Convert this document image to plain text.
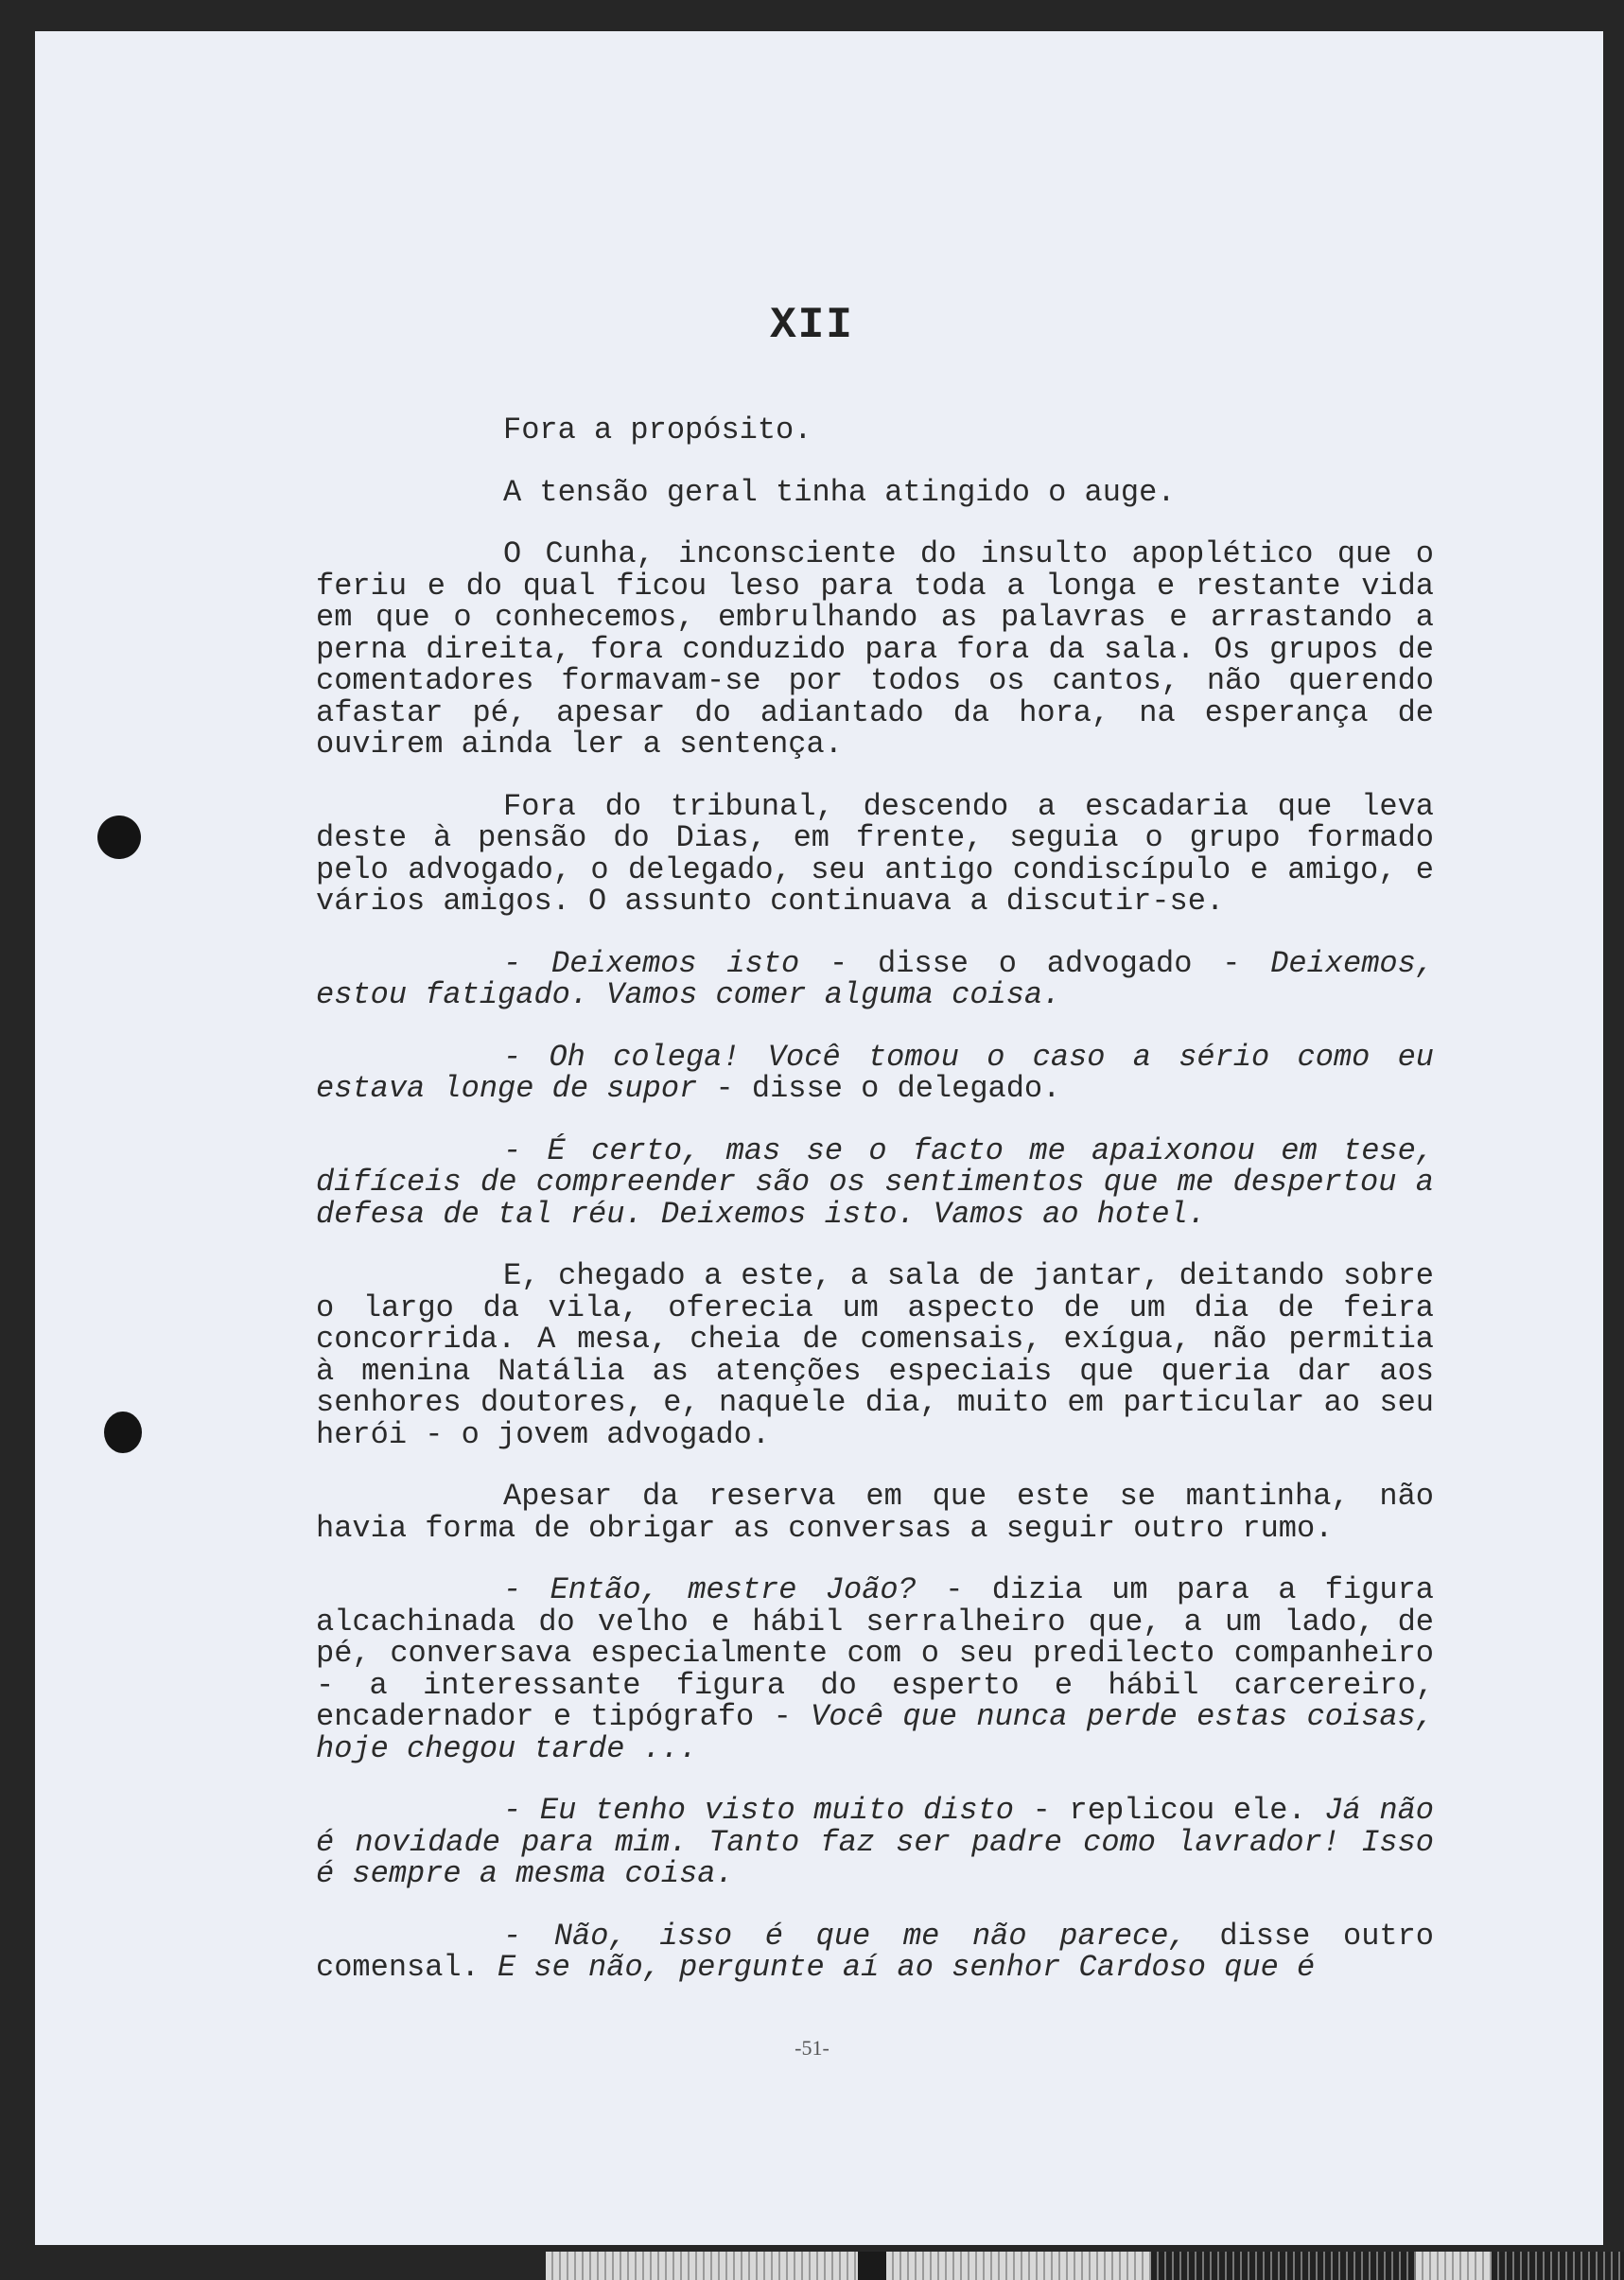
XII

Fora a propósito.

A tensão geral tinha atingido o auge.

O Cunha, inconsciente do insulto apoplético que o feriu e do qual ficou leso para toda a longa e restante vida em que o conhecemos, embrulhando as palavras e arrastando a perna direita, fora conduzido para fora da sala. Os grupos de comentadores formavam-se por todos os cantos, não querendo afastar pé, apesar do adiantado da hora, na esperança de ouvirem ainda ler a sentença.

Fora do tribunal, descendo a escadaria que leva deste à pensão do Dias, em frente, seguia o grupo formado pelo advogado, o delegado, seu antigo condiscípulo e amigo, e vários amigos. O assunto continuava a discutir-se.

- Deixemos isto - disse o advogado - Deixemos, estou fatigado. Vamos comer alguma coisa.

- Oh colega! Você tomou o caso a sério como eu estava longe de supor - disse o delegado.

- É certo, mas se o facto me apaixonou em tese, difíceis de compreender são os sentimentos que me despertou a defesa de tal réu. Deixemos isto. Vamos ao hotel.

E, chegado a este, a sala de jantar, deitando sobre o largo da vila, oferecia um aspecto de um dia de feira concorrida. A mesa, cheia de comensais, exígua, não permitia à menina Natália as atenções especiais que queria dar aos senhores doutores, e, naquele dia, muito em particular ao seu herói - o jovem advogado.

Apesar da reserva em que este se mantinha, não havia forma de obrigar as conversas a seguir outro rumo.

- Então, mestre João? - dizia um para a figura alcachinada do velho e hábil serralheiro que, a um lado, de pé, conversava especialmente com o seu predilecto companheiro - a interessante figura do esperto e hábil carcereiro, encadernador e tipógrafo - Você que nunca perde estas coisas, hoje chegou tarde ...

- Eu tenho visto muito disto - replicou ele. Já não é novidade para mim. Tanto faz ser padre como lavrador! Isso é sempre a mesma coisa.

- Não, isso é que me não parece, disse outro comensal. E se não, pergunte aí ao senhor Cardoso que é

-51-
